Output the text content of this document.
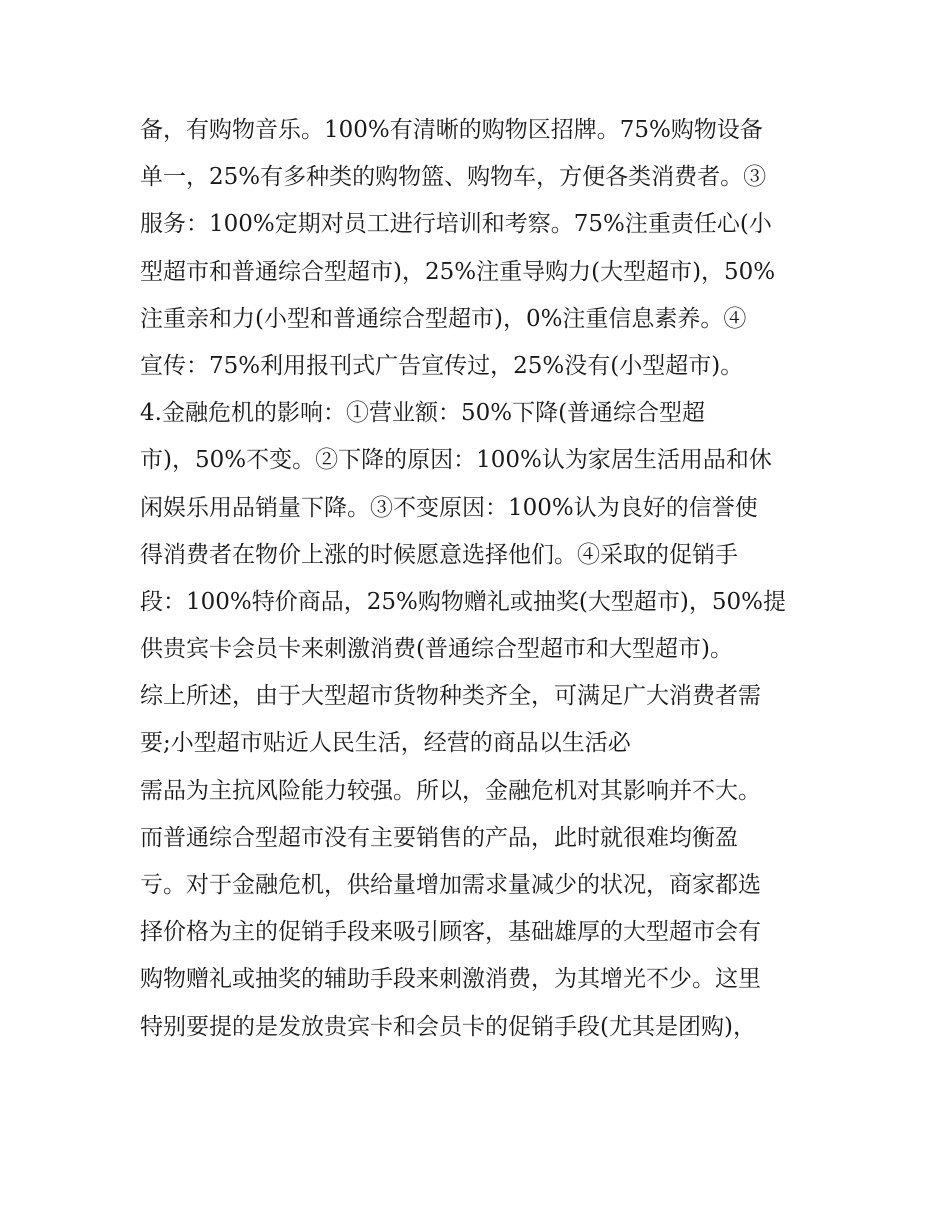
备，有购物音乐。100%有清晰的购物区招牌。75%购物设备
单一，25%有多种类的购物篮、购物车，方便各类消费者。③
服务：100%定期对员工进行培训和考察。75%注重责任心(小
型超市和普通综合型超市)，25%注重导购力(大型超市)，50%
注重亲和力(小型和普通综合型超市)，0%注重信息素养。④
宣传：75%利用报刊式广告宣传过，25%没有(小型超市)。
4.金融危机的影响：①营业额：50%下降(普通综合型超
市)，50%不变。②下降的原因：100%认为家居生活用品和休
闲娱乐用品销量下降。③不变原因：100%认为良好的信誉使
得消费者在物价上涨的时候愿意选择他们。④采取的促销手
段：100%特价商品，25%购物赠礼或抽奖(大型超市)，50%提
供贵宾卡会员卡来刺激消费(普通综合型超市和大型超市)。
综上所述，由于大型超市货物种类齐全，可满足广大消费者需
要;小型超市贴近人民生活，经营的商品以生活必
需品为主抗风险能力较强。所以，金融危机对其影响并不大。
而普通综合型超市没有主要销售的产品，此时就很难均衡盈
亏。对于金融危机，供给量增加需求量减少的状况，商家都选
择价格为主的促销手段来吸引顾客，基础雄厚的大型超市会有
购物赠礼或抽奖的辅助手段来刺激消费，为其增光不少。这里
特别要提的是发放贵宾卡和会员卡的促销手段(尤其是团购)，
